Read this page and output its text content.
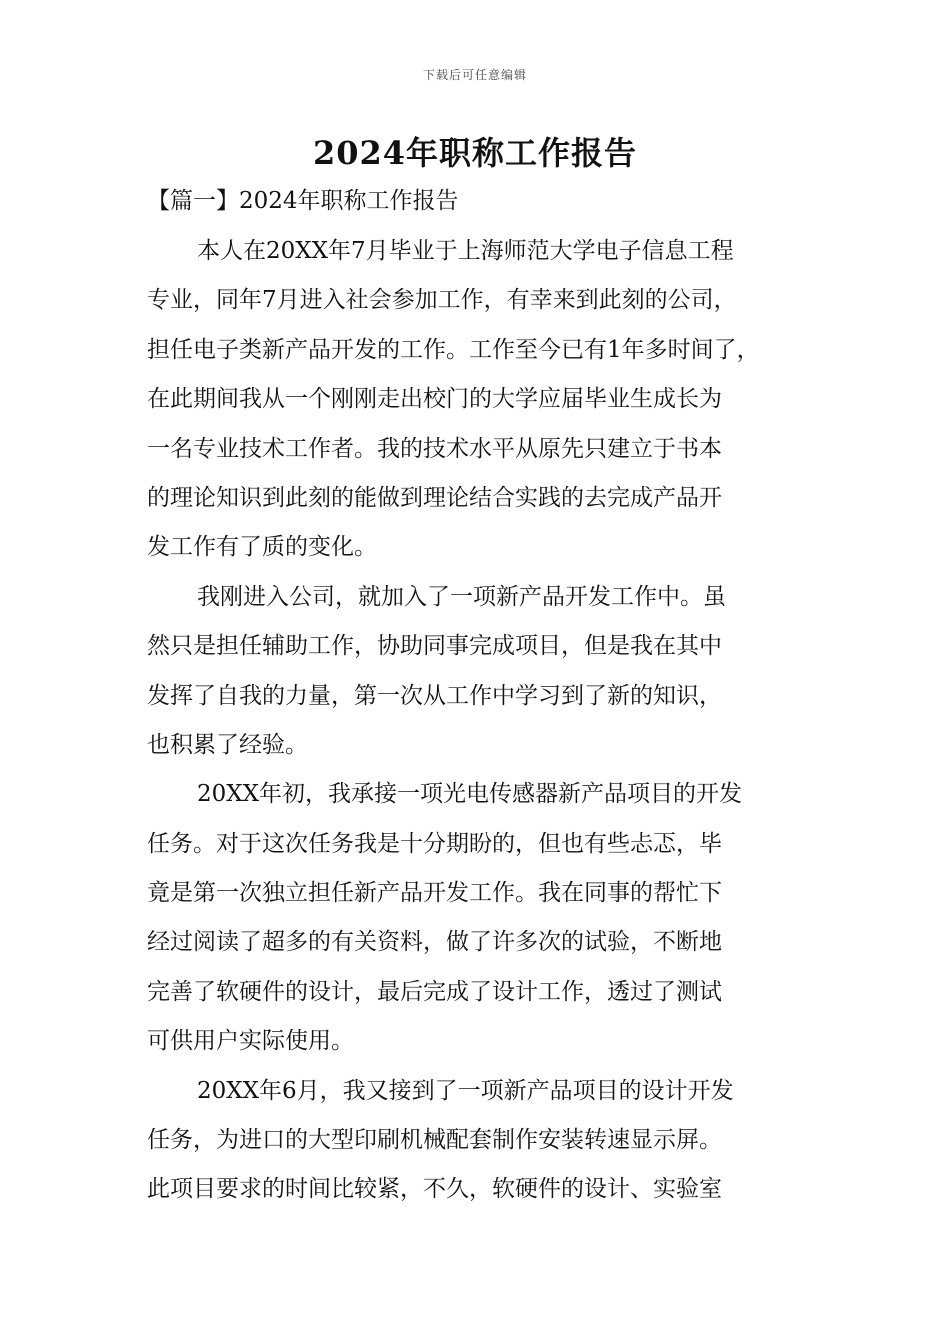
下载后可任意编辑
2024年职称工作报告
【篇一】2024年职称工作报告
本人在20XX年7月毕业于上海师范大学电子信息工程
专业，同年7月进入社会参加工作，有幸来到此刻的公司，
担任电子类新产品开发的工作。工作至今已有1年多时间了，
在此期间我从一个刚刚走出校门的大学应届毕业生成长为
一名专业技术工作者。我的技术水平从原先只建立于书本
的理论知识到此刻的能做到理论结合实践的去完成产品开
发工作有了质的变化。
我刚进入公司，就加入了一项新产品开发工作中。虽
然只是担任辅助工作，协助同事完成项目，但是我在其中
发挥了自我的力量，第一次从工作中学习到了新的知识，
也积累了经验。
20XX年初，我承接一项光电传感器新产品项目的开发
任务。对于这次任务我是十分期盼的，但也有些忐忑，毕
竟是第一次独立担任新产品开发工作。我在同事的帮忙下
经过阅读了超多的有关资料，做了许多次的试验，不断地
完善了软硬件的设计，最后完成了设计工作，透过了测试
可供用户实际使用。
20XX年6月，我又接到了一项新产品项目的设计开发
任务，为进口的大型印刷机械配套制作安装转速显示屏。
此项目要求的时间比较紧，不久，软硬件的设计、实验室
